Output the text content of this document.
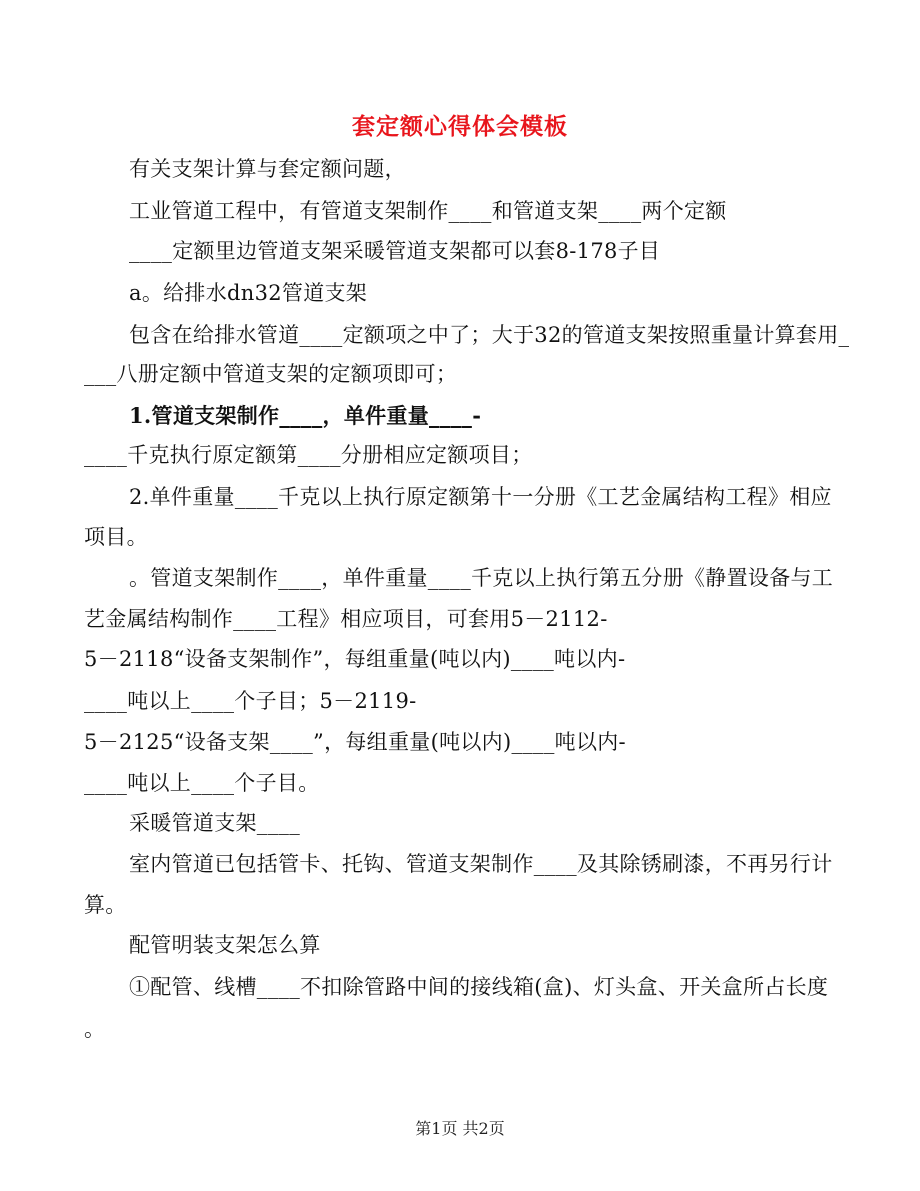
套定额心得体会模板
有关支架计算与套定额问题，
工业管道工程中，有管道支架制作____和管道支架____两个定额
____定额里边管道支架采暖管道支架都可以套8-178子目
a。给排水dn32管道支架
包含在给排水管道____定额项之中了；大于32的管道支架按照重量计算套用_
___八册定额中管道支架的定额项即可；
1.管道支架制作____，单件重量____-
____千克执行原定额第____分册相应定额项目；
2.单件重量____千克以上执行原定额第十一分册《工艺金属结构工程》相应
项目。
。管道支架制作____，单件重量____千克以上执行第五分册《静置设备与工
艺金属结构制作____工程》相应项目，可套用5－2112-
5－2118“设备支架制作”，每组重量(吨以内)____吨以内-
____吨以上____个子目；5－2119-
5－2125“设备支架____”，每组重量(吨以内)____吨以内-
____吨以上____个子目。
采暖管道支架____
室内管道已包括管卡、托钩、管道支架制作____及其除锈刷漆，不再另行计
算。
配管明装支架怎么算
①配管、线槽____不扣除管路中间的接线箱(盒)、灯头盒、开关盒所占长度
。
第1页 共2页
